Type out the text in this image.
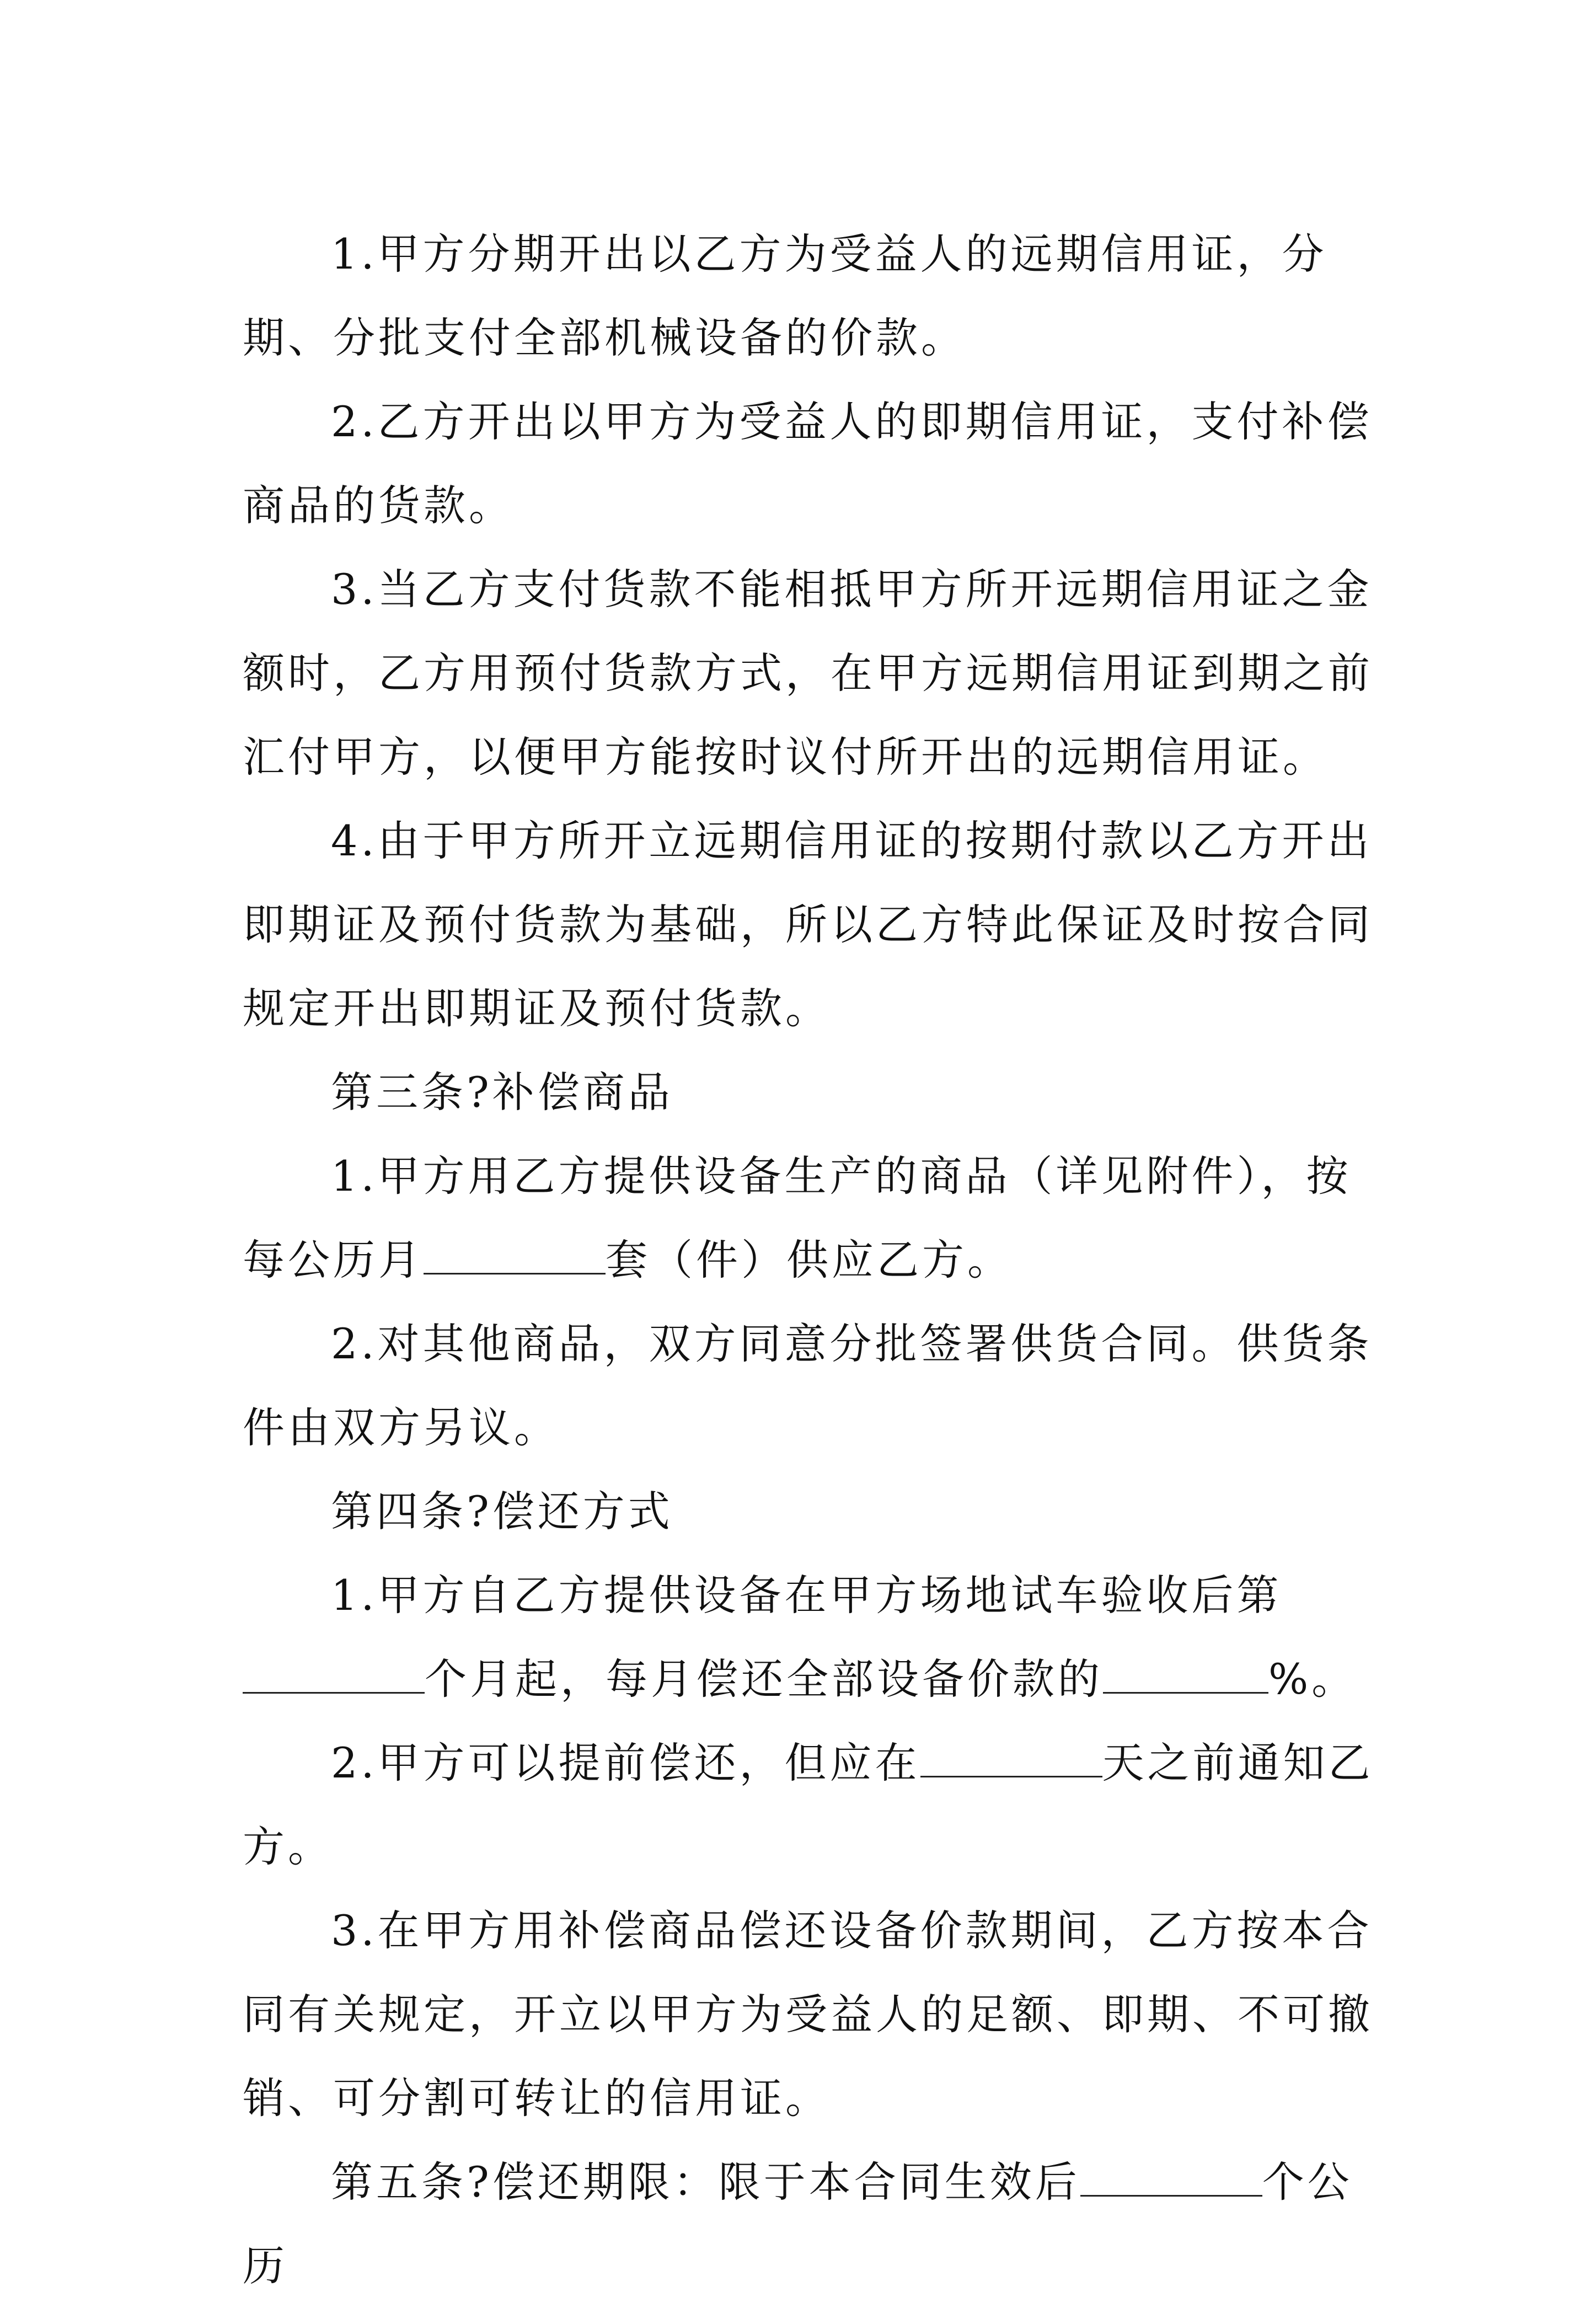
1.甲方分期开出以乙方为受益人的远期信用证，分期、分批支付全部机械设备的价款。

2.乙方开出以甲方为受益人的即期信用证，支付补偿商品的货款。

3.当乙方支付货款不能相抵甲方所开远期信用证之金额时，乙方用预付货款方式，在甲方远期信用证到期之前汇付甲方，以便甲方能按时议付所开出的远期信用证。

4.由于甲方所开立远期信用证的按期付款以乙方开出即期证及预付货款为基础，所以乙方特此保证及时按合同规定开出即期证及预付货款。

第三条?补偿商品

1.甲方用乙方提供设备生产的商品（详见附件），按每公历月	套（件）供应乙方。

2.对其他商品，双方同意分批签署供货合同。供货条件由双方另议。

第四条?偿还方式

1.甲方自乙方提供设备在甲方场地试车验收后第个月起，每月偿还全部设备价款的	%。

2.甲方可以提前偿还，但应在	天之前通知乙方。

3.在甲方用补偿商品偿还设备价款期间，乙方按本合同有关规定，开立以甲方为受益人的足额、即期、不可撤销、可分割可转让的信用证。

第五条?偿还期限：限于本合同生效后	个公历
